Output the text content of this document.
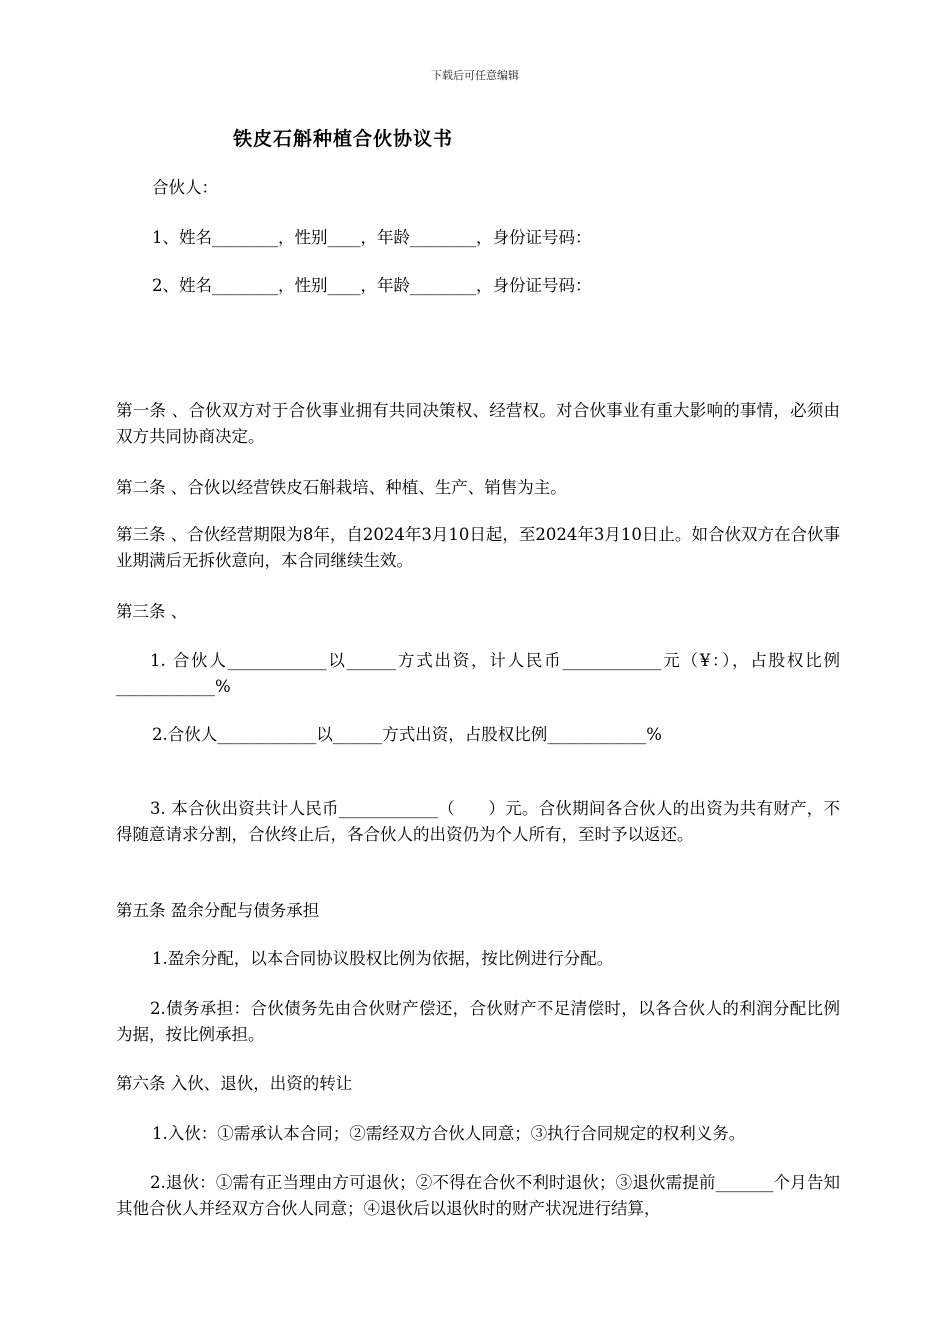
下载后可任意编辑
铁皮石斛种植合伙协议书
合伙人：
1、姓名________，性别____，年龄________，身份证号码：
2、姓名________，性别____，年龄________，身份证号码：
第一条 、合伙双方对于合伙事业拥有共同决策权、经营权。对合伙事业有重大影响的事情，必须由双方共同协商决定。
第二条 、合伙以经营铁皮石斛栽培、种植、生产、销售为主。
第三条 、合伙经营期限为8年，自2024年3月10日起，至2024年3月10日止。如合伙双方在合伙事业期满后无拆伙意向，本合同继续生效。
第三条 、
1. 合伙人____________以______方式出资，计人民币____________元（¥：），占股权比例____________%
2.合伙人____________以______方式出资，占股权比例____________%
3. 本合伙出资共计人民币____________（　　）元。合伙期间各合伙人的出资为共有财产，不得随意请求分割，合伙终止后，各合伙人的出资仍为个人所有，至时予以返还。
第五条 盈余分配与债务承担
1.盈余分配，以本合同协议股权比例为依据，按比例进行分配。
2.债务承担：合伙债务先由合伙财产偿还，合伙财产不足清偿时，以各合伙人的利润分配比例为据，按比例承担。
第六条 入伙、退伙，出资的转让
1.入伙：①需承认本合同；②需经双方合伙人同意；③执行合同规定的权利义务。
2.退伙：①需有正当理由方可退伙；②不得在合伙不利时退伙；③退伙需提前_______个月告知其他合伙人并经双方合伙人同意；④退伙后以退伙时的财产状况进行结算，
